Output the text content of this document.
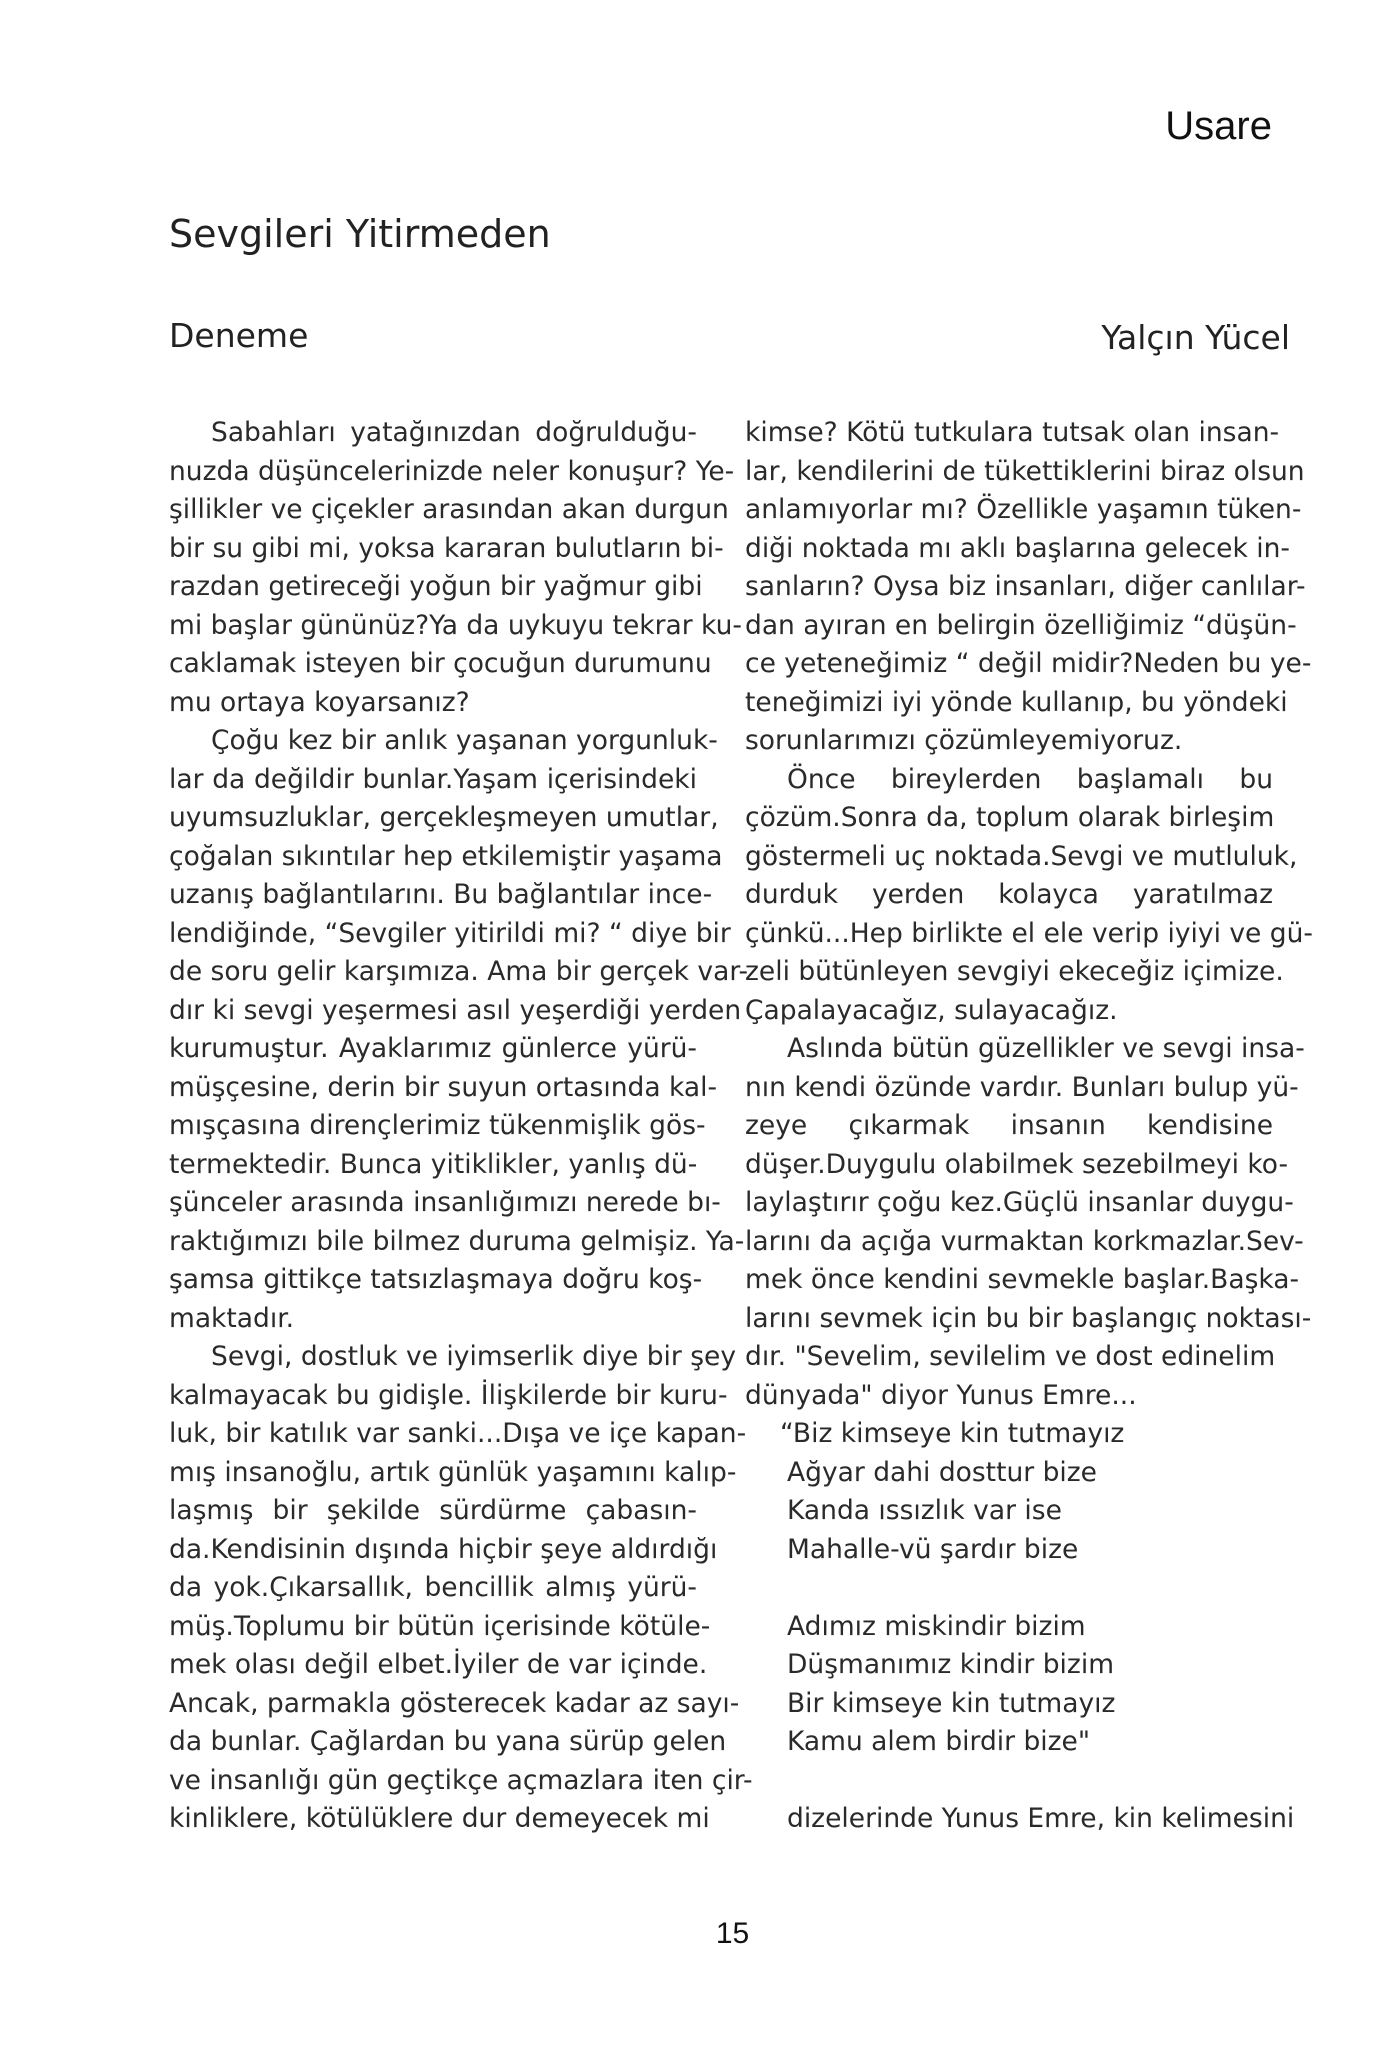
Usare
Sevgileri Yitirmeden
Deneme	Yalçın Yücel
Sabahları yatağınızdan doğrulduğu-
nuzda düşüncelerinizde neler konuşur? Ye-
şillikler ve çiçekler arasından akan durgun
bir su gibi mi, yoksa kararan bulutların bi-
razdan getireceği yoğun bir yağmur gibi
mi başlar gününüz?Ya da uykuyu tekrar ku-
caklamak isteyen bir çocuğun durumunu
mu ortaya koyarsanız?
Çoğu kez bir anlık yaşanan yorgunluk-
lar da değildir bunlar.Yaşam içerisindeki
uyumsuzluklar, gerçekleşmeyen umutlar,
çoğalan sıkıntılar hep etkilemiştir yaşama
uzanış bağlantılarını. Bu bağlantılar ince-
lendiğinde, “Sevgiler yitirildi mi? “ diye bir
de soru gelir karşımıza. Ama bir gerçek var-
dır ki sevgi yeşermesi asıl yeşerdiği yerden
kurumuştur. Ayaklarımız günlerce yürü-
müşçesine, derin bir suyun ortasında kal-
mışçasına dirençlerimiz tükenmişlik gös-
termektedir. Bunca yitiklikler, yanlış dü-
şünceler arasında insanlığımızı nerede bı-
raktığımızı bile bilmez duruma gelmişiz. Ya-
şamsa gittikçe tatsızlaşmaya doğru koş-
maktadır.
Sevgi, dostluk ve iyimserlik diye bir şey
kalmayacak bu gidişle. İlişkilerde bir kuru-
luk, bir katılık var sanki...Dışa ve içe kapan-
mış insanoğlu, artık günlük yaşamını kalıp-
laşmış bir şekilde sürdürme çabasın-
da.Kendisinin dışında hiçbir şeye aldırdığı
da yok.Çıkarsallık, bencillik almış yürü-
müş.Toplumu bir bütün içerisinde kötüle-
mek olası değil elbet.İyiler de var içinde.
Ancak, parmakla gösterecek kadar az sayı-
da bunlar. Çağlardan bu yana sürüp gelen
ve insanlığı gün geçtikçe açmazlara iten çir-
kinliklere, kötülüklere dur demeyecek mi
kimse? Kötü tutkulara tutsak olan insan-
lar, kendilerini de tükettiklerini biraz olsun
anlamıyorlar mı? Özellikle yaşamın tüken-
diği noktada mı aklı başlarına gelecek in-
sanların? Oysa biz insanları, diğer canlılar-
dan ayıran en belirgin özelliğimiz “düşün-
ce yeteneğimiz “ değil midir?Neden bu ye-
teneğimizi iyi yönde kullanıp, bu yöndeki
sorunlarımızı çözümleyemiyoruz.
Önce bireylerden başlamalı bu
çözüm.Sonra da, toplum olarak birleşim
göstermeli uç noktada.Sevgi ve mutluluk,
durduk yerden kolayca yaratılmaz
çünkü...Hep birlikte el ele verip iyiyi ve gü-
zeli bütünleyen sevgiyi ekeceğiz içimize.
Çapalayacağız, sulayacağız.
Aslında bütün güzellikler ve sevgi insa-
nın kendi özünde vardır. Bunları bulup yü-
zeye çıkarmak insanın kendisine
düşer.Duygulu olabilmek sezebilmeyi ko-
laylaştırır çoğu kez.Güçlü insanlar duygu-
larını da açığa vurmaktan korkmazlar.Sev-
mek önce kendini sevmekle başlar.Başka-
larını sevmek için bu bir başlangıç noktası-
dır. "Sevelim, sevilelim ve dost edinelim
dünyada" diyor Yunus Emre...
“Biz kimseye kin tutmayız
Ağyar dahi dosttur bize
Kanda ıssızlık var ise
Mahalle-vü şardır bize
Adımız miskindir bizim
Düşmanımız kindir bizim
Bir kimseye kin tutmayız
Kamu alem birdir bize"
dizelerinde Yunus Emre, kin kelimesini
15
